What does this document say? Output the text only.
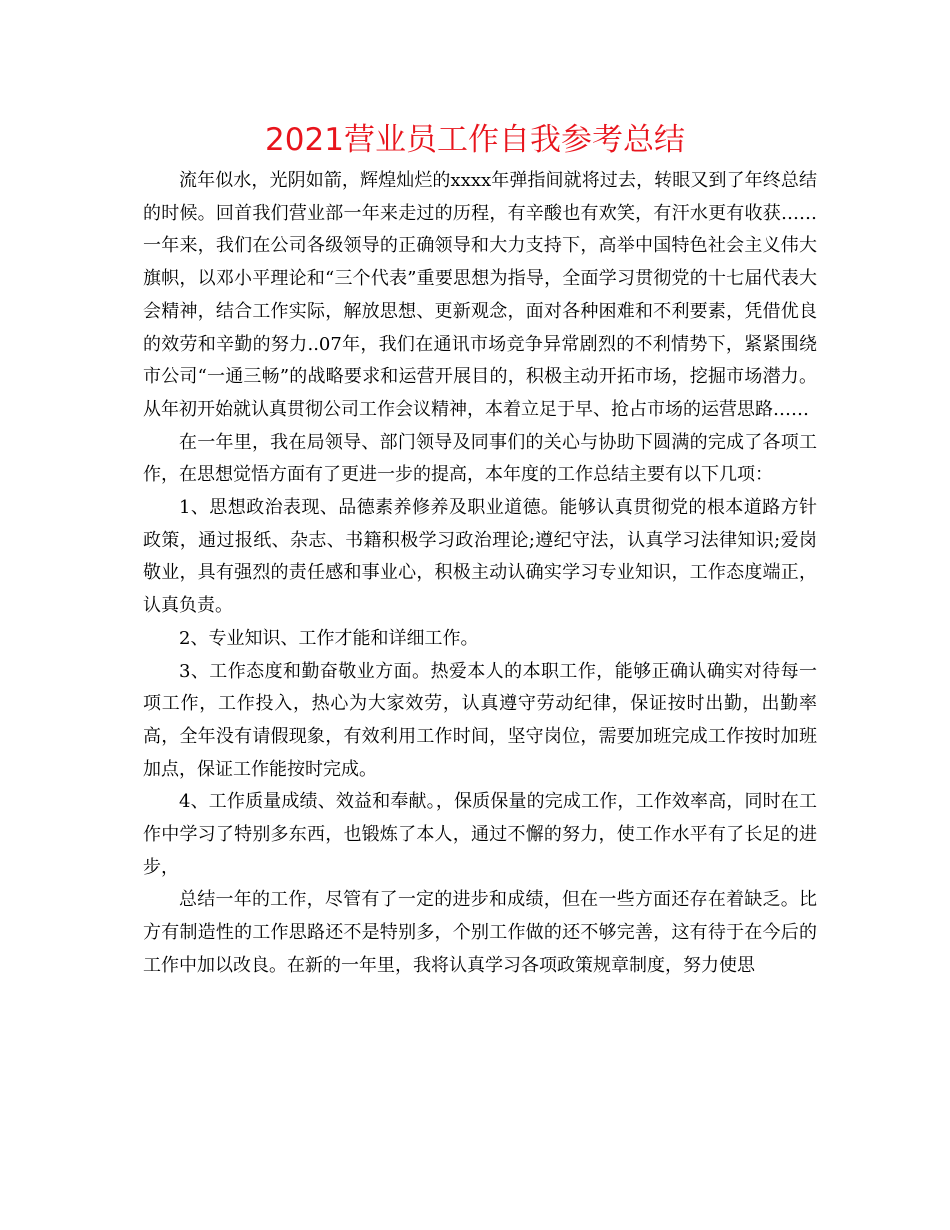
2021营业员工作自我参考总结

流年似水，光阴如箭，辉煌灿烂的xxxx年弹指间就将过去，转眼又到了年终总结的时候。回首我们营业部一年来走过的历程，有辛酸也有欢笑，有汗水更有收获……一年来，我们在公司各级领导的正确领导和大力支持下，高举中国特色社会主义伟大旗帜，以邓小平理论和“三个代表”重要思想为指导，全面学习贯彻党的十七届代表大会精神，结合工作实际，解放思想、更新观念，面对各种困难和不利要素，凭借优良的效劳和辛勤的努力..07年，我们在通讯市场竞争异常剧烈的不利情势下，紧紧围绕市公司“一通三畅”的战略要求和运营开展目的，积极主动开拓市场，挖掘市场潜力。从年初开始就认真贯彻公司工作会议精神，本着立足于早、抢占市场的运营思路……

在一年里，我在局领导、部门领导及同事们的关心与协助下圆满的完成了各项工作，在思想觉悟方面有了更进一步的提高，本年度的工作总结主要有以下几项：

1、思想政治表现、品德素养修养及职业道德。能够认真贯彻党的根本道路方针政策，通过报纸、杂志、书籍积极学习政治理论;遵纪守法，认真学习法律知识;爱岗敬业，具有强烈的责任感和事业心，积极主动认确实学习专业知识，工作态度端正，认真负责。

2、专业知识、工作才能和详细工作。

3、工作态度和勤奋敬业方面。热爱本人的本职工作，能够正确认确实对待每一项工作，工作投入，热心为大家效劳，认真遵守劳动纪律，保证按时出勤，出勤率高，全年没有请假现象，有效利用工作时间，坚守岗位，需要加班完成工作按时加班加点，保证工作能按时完成。

4、工作质量成绩、效益和奉献。，保质保量的完成工作，工作效率高，同时在工作中学习了特别多东西，也锻炼了本人，通过不懈的努力，使工作水平有了长足的进步，

总结一年的工作，尽管有了一定的进步和成绩，但在一些方面还存在着缺乏。比方有制造性的工作思路还不是特别多，个别工作做的还不够完善，这有待于在今后的工作中加以改良。在新的一年里，我将认真学习各项政策规章制度，努力使思
